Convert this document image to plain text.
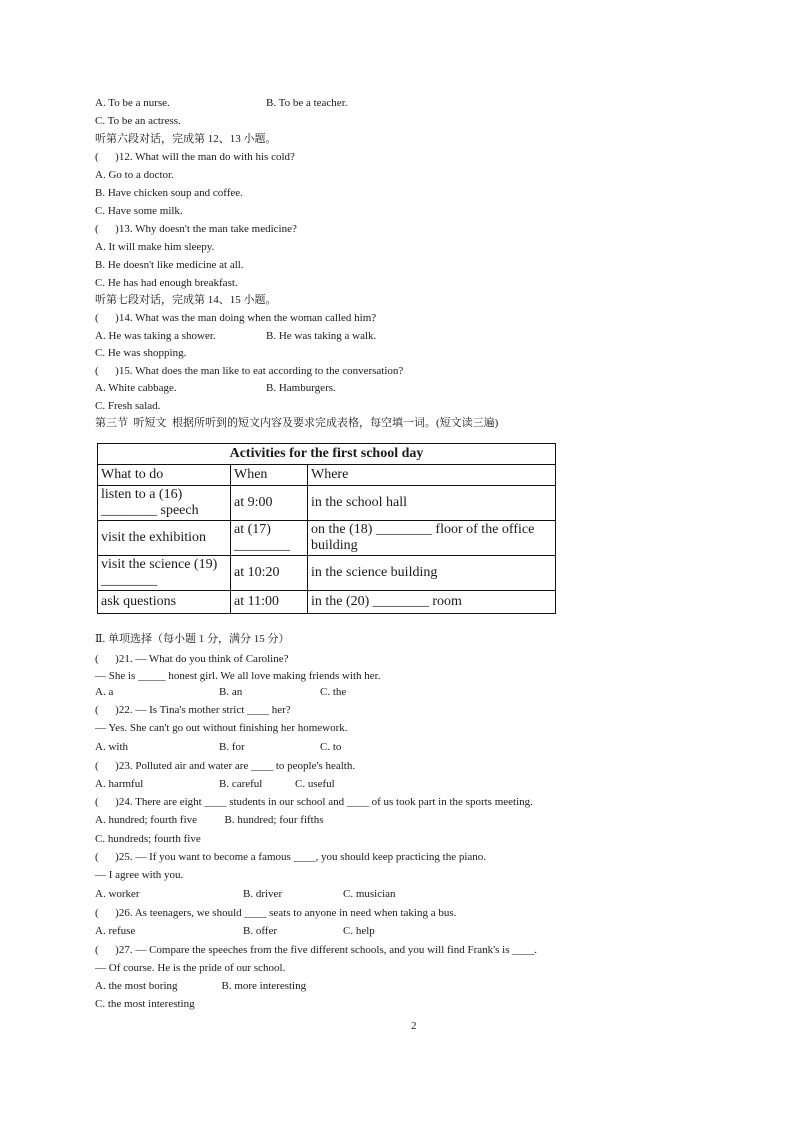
A. To be a nurse.
C. To be an actress.
听第六段对话，完成第 12、13 小题。
(      )12. What will the man do with his cold?
A. Go to a doctor.
B. Have chicken soup and coffee.
C. Have some milk.
(      )13. Why doesn't the man take medicine?
A. It will make him sleepy.
B. He doesn't like medicine at all.
C. He has had enough breakfast.
听第七段对话，完成第 14、15 小题。
(      )14. What was the man doing when the woman called him?
A. He was taking a shower.
C. He was shopping.
(      )15. What does the man like to eat according to the conversation?
A. White cabbage.
C. Fresh salad.
第三节  听短文  根据所听到的短文内容及要求完成表格，每空填一词。(短文读三遍)
Ⅱ. 单项选择（每小题 1 分，满分 15 分）
(      )21. — What do you think of Caroline?
— She is _____ honest girl. We all love making friends with her.
(      )22. — Is Tina's mother strict ____ her?
— Yes. She can't go out without finishing her homework.
(      )23. Polluted air and water are ____ to people's health.
(      )24. There are eight ____ students in our school and ____ of us took part in the sports meeting.
A. hundred; fourth five          B. hundred; four fifths
C. hundreds; fourth five
(      )25. — If you want to become a famous ____, you should keep practicing the piano.
— I agree with you.
(      )26. As teenagers, we should ____ seats to anyone in need when taking a bus.
(      )27. — Compare the speeches from the five different schools, and you will find Frank's is ____.
— Of course. He is the pride of our school.
A. the most boring                B. more interesting
C. the most interesting
B. To be a teacher.
B. He was taking a walk.
B. Hamburgers.
A. a	B. an	C. the
A. with	B. for	C. to
A. harmful	B. careful	C. useful
A. worker	B. driver	C. musician
A. refuse	B. offer	C. help
Activities for the first school day		
What to do	When	Where
listen to a (16) ________ speech	at 9:00	in the school hall
visit the exhibition	at (17) ________	on the (18) ________ floor of the office building
visit the science (19) ________	at 10:20	in the science building
ask questions	at 11:00	in the (20) ________ room
2
